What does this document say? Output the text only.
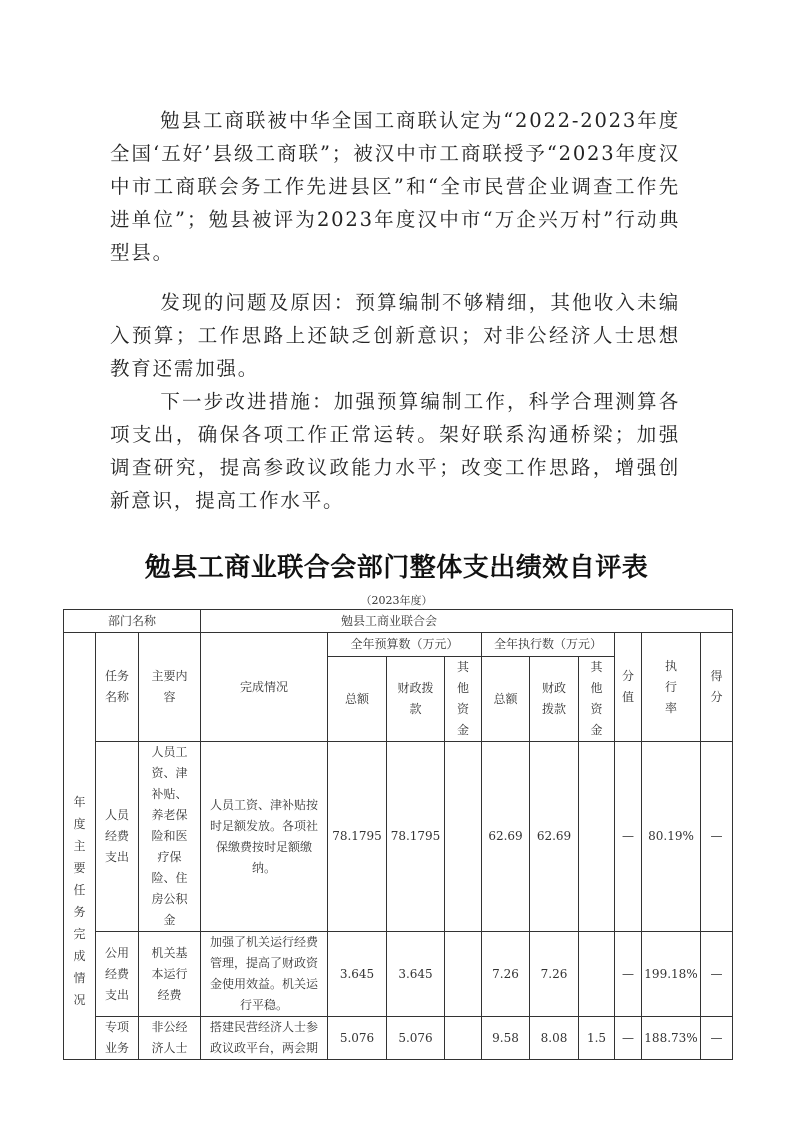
勉县工商联被中华全国工商联认定为“2022-2023年度全国‘五好’县级工商联”；被汉中市工商联授予“2023年度汉中市工商联会务工作先进县区”和“全市民营企业调查工作先进单位”；勉县被评为2023年度汉中市“万企兴万村”行动典型县。

发现的问题及原因：预算编制不够精细，其他收入未编入预算；工作思路上还缺乏创新意识；对非公经济人士思想教育还需加强。

下一步改进措施：加强预算编制工作，科学合理测算各项支出，确保各项工作正常运转。架好联系沟通桥梁；加强调查研究，提高参政议政能力水平；改变工作思路，增强创新意识，提高工作水平。

勉县工商业联合会部门整体支出绩效自评表

（2023年度）

部门名称			勉县工商业联合会									

年度主要任务完成情况	任务名称	主要内容	完成情况	全年预算数（万元）			全年执行数（万元）			分值	执行率	得分

				总额	财政拨款	其他资金	总额	财政拨款	其他资金			

	人员经费支出	人员工资、津补贴、养老保险和医疗保险、住房公积金	人员工资、津补贴按时足额发放。各项社保缴费按时足额缴纳。	78.1795	78.1795		62.69	62.69		—	80.19%	—

	公用经费支出	机关基本运行经费	加强了机关运行经费管理，提高了财政资金使用效益。机关运行平稳。	3.645	3.645		7.26	7.26		—	199.18%	—

	专项业务	非公经济人士	搭建民营经济人士参政议政平台，两会期	5.076	5.076		9.58	8.08	1.5	—	188.73%	—
